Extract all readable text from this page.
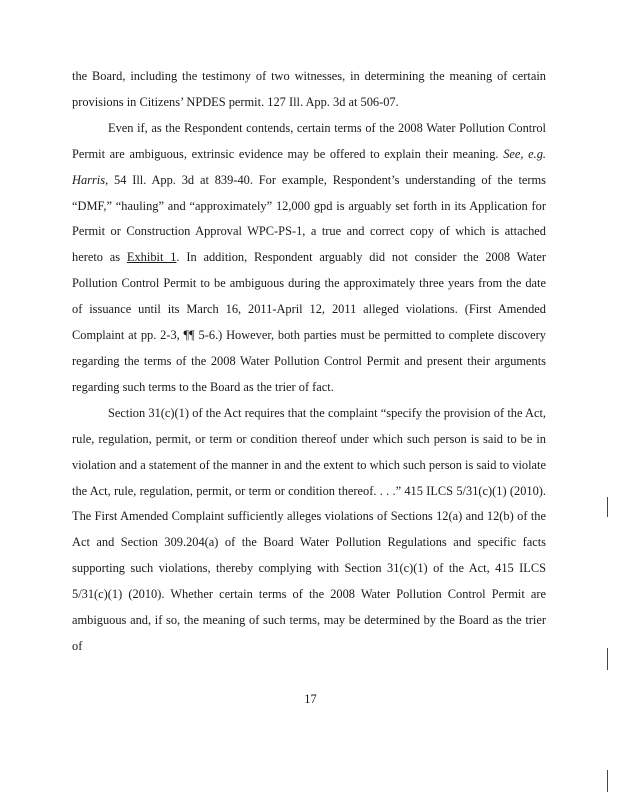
the Board, including the testimony of two witnesses, in determining the meaning of certain provisions in Citizens’ NPDES permit. 127 Ill. App. 3d at 506-07.

Even if, as the Respondent contends, certain terms of the 2008 Water Pollution Control Permit are ambiguous, extrinsic evidence may be offered to explain their meaning. See, e.g. Harris, 54 Ill. App. 3d at 839-40. For example, Respondent’s understanding of the terms “DMF,” “hauling” and “approximately” 12,000 gpd is arguably set forth in its Application for Permit or Construction Approval WPC-PS-1, a true and correct copy of which is attached hereto as Exhibit 1. In addition, Respondent arguably did not consider the 2008 Water Pollution Control Permit to be ambiguous during the approximately three years from the date of issuance until its March 16, 2011-April 12, 2011 alleged violations. (First Amended Complaint at pp. 2-3, ¶¶ 5-6.) However, both parties must be permitted to complete discovery regarding the terms of the 2008 Water Pollution Control Permit and present their arguments regarding such terms to the Board as the trier of fact.

Section 31(c)(1) of the Act requires that the complaint “specify the provision of the Act, rule, regulation, permit, or term or condition thereof under which such person is said to be in violation and a statement of the manner in and the extent to which such person is said to violate the Act, rule, regulation, permit, or term or condition thereof. . . .” 415 ILCS 5/31(c)(1) (2010). The First Amended Complaint sufficiently alleges violations of Sections 12(a) and 12(b) of the Act and Section 309.204(a) of the Board Water Pollution Regulations and specific facts supporting such violations, thereby complying with Section 31(c)(1) of the Act, 415 ILCS 5/31(c)(1) (2010). Whether certain terms of the 2008 Water Pollution Control Permit are ambiguous and, if so, the meaning of such terms, may be determined by the Board as the trier of

17
